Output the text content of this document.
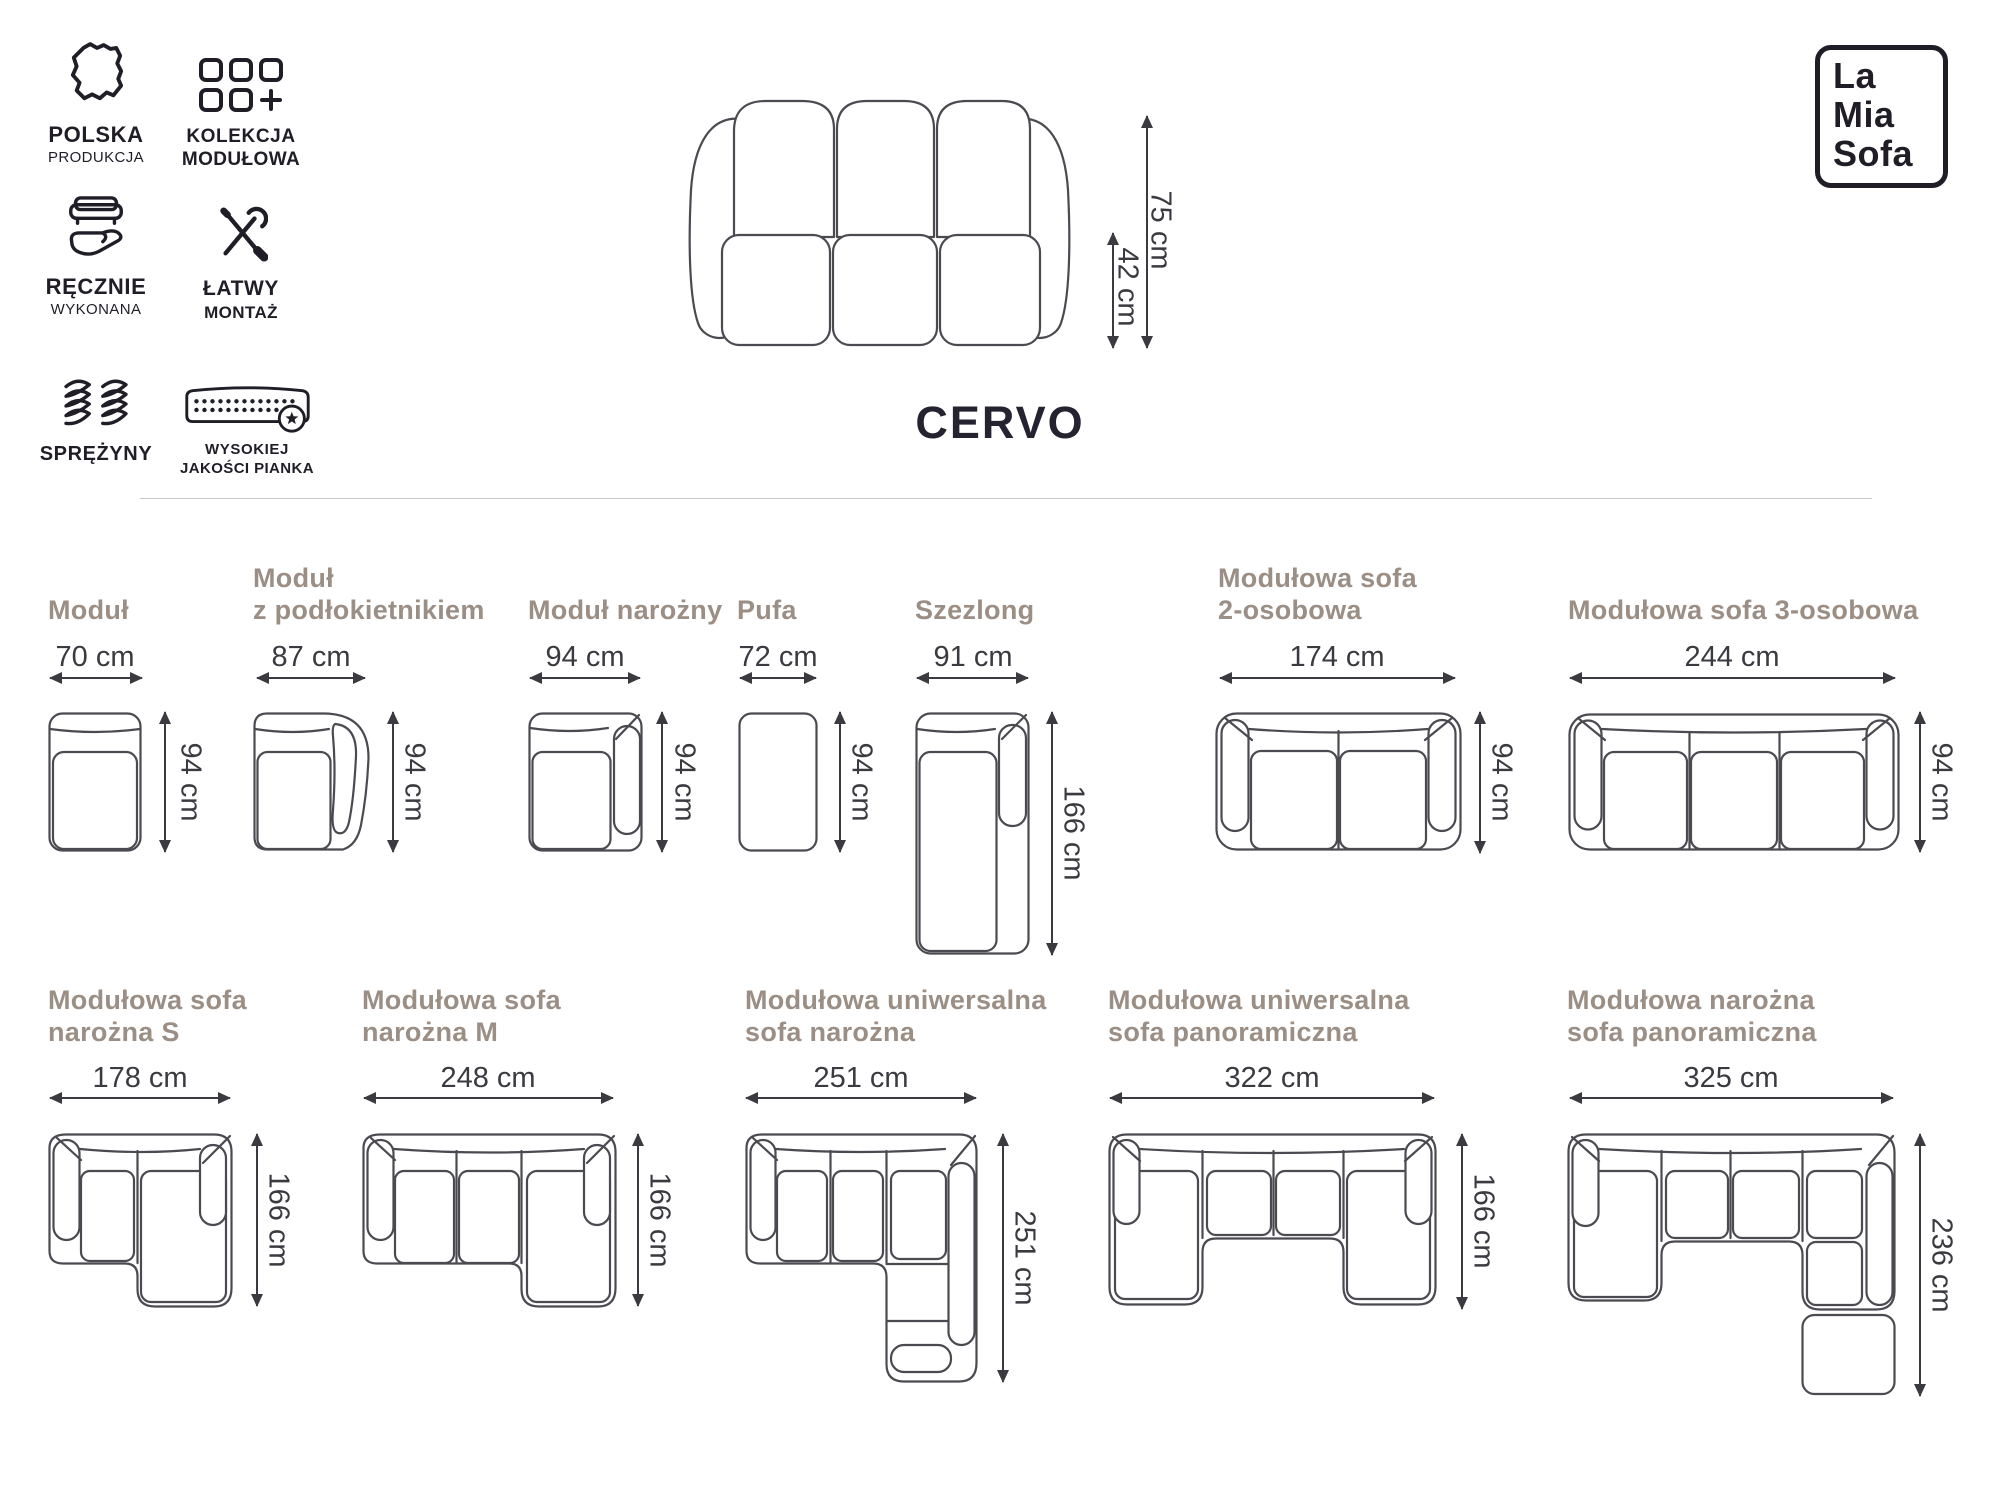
POLSKA
PRODUKCJA
KOLEKCJA
MODUŁOWA
RĘCZNIE
WYKONANA
ŁATWY
MONTAŻ
SPRĘŻYNY	WYSOKIEJ
JAKOŚCI PIANKA
42 cm
75 cm
CERVO
La
Mia
Sofa
Moduł
70 cm
94 cm
Moduł
z podłokietnikiem
87 cm
94 cm
Moduł narożny
94 cm
94 cm
Pufa
72 cm
94 cm
Szezlong
91 cm
166 cm
Modułowa sofa
2-osobowa
174 cm
94 cm
Modułowa sofa 3-osobowa
244 cm
94 cm
Modułowa sofa
narożna S
178 cm
166 cm
Modułowa sofa
narożna M
248 cm
166 cm
Modułowa uniwersalna
sofa narożna
251 cm
251 cm
Modułowa uniwersalna
sofa panoramiczna
322 cm
166 cm
Modułowa narożna
sofa panoramiczna
325 cm
236 cm
